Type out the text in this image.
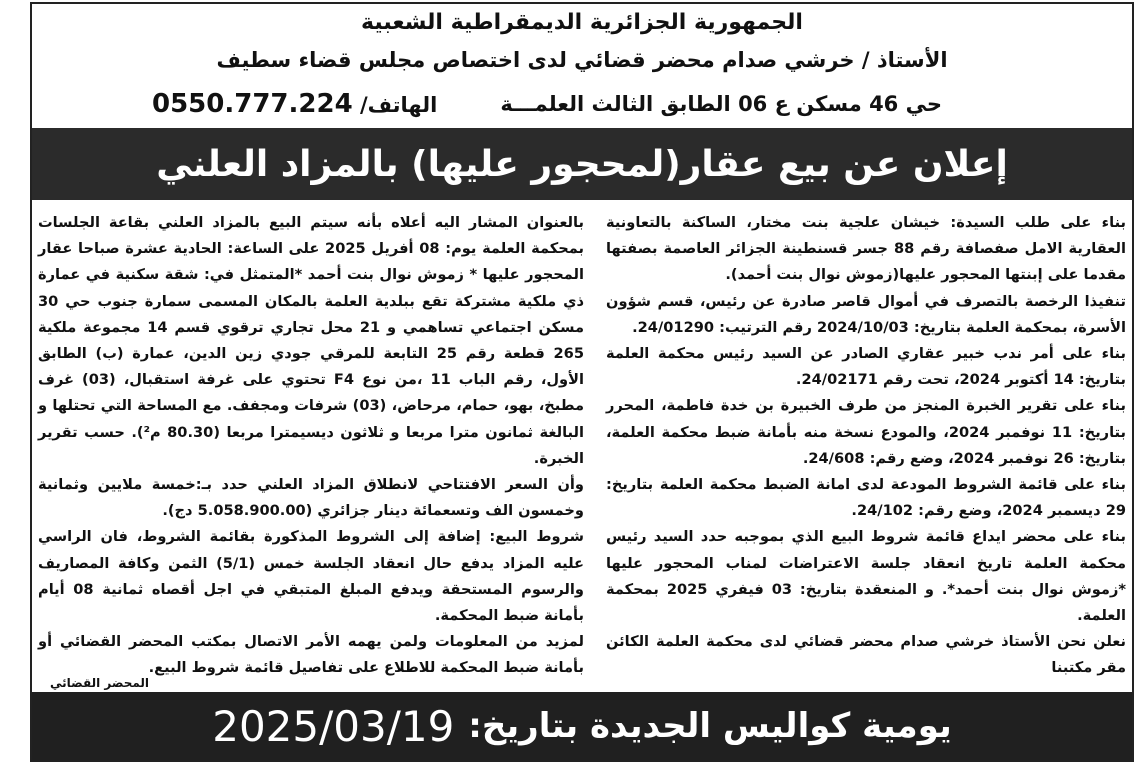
الجمهورية الجزائرية الديمقراطية الشعبية
الأستاذ / خرشي صدام محضر قضائي لدى اختصاص مجلس قضاء سطيف
حي 46 مسكن ع 06 الطابق الثالث العلمـــة
الهاتف/ 0550.777.224
إعلان عن بيع عقار(لمحجور عليها) بالمزاد العلني

بناء على طلب السيدة: خيشان علجية بنت مختار، الساكنة بالتعاونية العقارية الامل صفصافة رقم 88 جسر قسنطينة الجزائر العاصمة بصفتها مقدما على إبنتها المحجور عليها(زموش نوال بنت أحمد).

تنفيذا الرخصة بالتصرف في أموال قاصر صادرة عن رئيس، قسم شؤون الأسرة، بمحكمة العلمة بتاريخ: 2024/10/03 رقم الترتيب: 24/01290.

بناء على أمر ندب خبير عقاري الصادر عن السيد رئيس محكمة العلمة بتاريخ: 14 أكتوبر 2024، تحت رقم 24/02171.

بناء على تقرير الخبرة المنجز من طرف الخبيرة بن خدة فاطمة، المحرر بتاريخ: 11 نوفمبر 2024، والمودع نسخة منه بأمانة ضبط محكمة العلمة، بتاريخ: 26 نوفمبر 2024، وضع رقم: 24/608.

بناء على قائمة الشروط المودعة لدى امانة الضبط محكمة العلمة بتاريخ: 29 ديسمبر 2024، وضع رقم: 24/102.

بناء على محضر ايداع قائمة شروط البيع الذي بموجبه حدد السيد رئيس محكمة العلمة تاريخ انعقاد جلسة الاعتراضات لمناب المحجور عليها *زموش نوال بنت أحمد*. و المنعقدة بتاريخ: 03 فيفري 2025 بمحكمة العلمة.

نعلن نحن الأستاذ خرشي صدام محضر قضائي لدى محكمة العلمة الكائن مقر مكتبنا

بالعنوان المشار اليه أعلاه بأنه سيتم البيع بالمزاد العلني بقاعة الجلسات بمحكمة العلمة يوم: 08 أفريل 2025 على الساعة: الحادية عشرة صباحا عقار المحجور عليها * زموش نوال بنت أحمد *المتمثل في: شقة سكنية في عمارة ذي ملكية مشتركة تقع ببلدية العلمة بالمكان المسمى سمارة جنوب حي 30 مسكن اجتماعي تساهمي و 21 محل تجاري ترقوي قسم 14 مجموعة ملكية 265 قطعة رقم 25 التابعة للمرقي جودي زين الدين، عمارة (ب) الطابق الأول، رقم الباب 11 ،من نوع F4 تحتوي على غرفة استقبال، (03) غرف مطبخ، بهو، حمام، مرحاض، (03) شرفات ومجفف. مع المساحة التي تحتلها و البالغة ثمانون مترا مربعا و ثلاثون ديسيمترا مربعا (80.30 م²). حسب تقرير الخبرة.

وأن السعر الافتتاحي لانطلاق المزاد العلني حدد بـ:خمسة ملايين وثمانية وخمسون الف وتسعمائة دينار جزائري (5.058.900.00 دج).

شروط البيع: إضافة إلى الشروط المذكورة بقائمة الشروط، فان الراسي عليه المزاد يدفع حال انعقاد الجلسة خمس (5/1) الثمن وكافة المصاريف والرسوم المستحقة ويدفع المبلغ المتبقي في اجل أقصاه ثمانية 08 أيام بأمانة ضبط المحكمة.

لمزيد من المعلومات ولمن يهمه الأمر الاتصال بمكتب المحضر القضائي أو بأمانة ضبط المحكمة للاطلاع على تفاصيل قائمة شروط البيع.

المحضر القضائي
يومية كواليس الجديدة بتاريخ:
2025/03/19
